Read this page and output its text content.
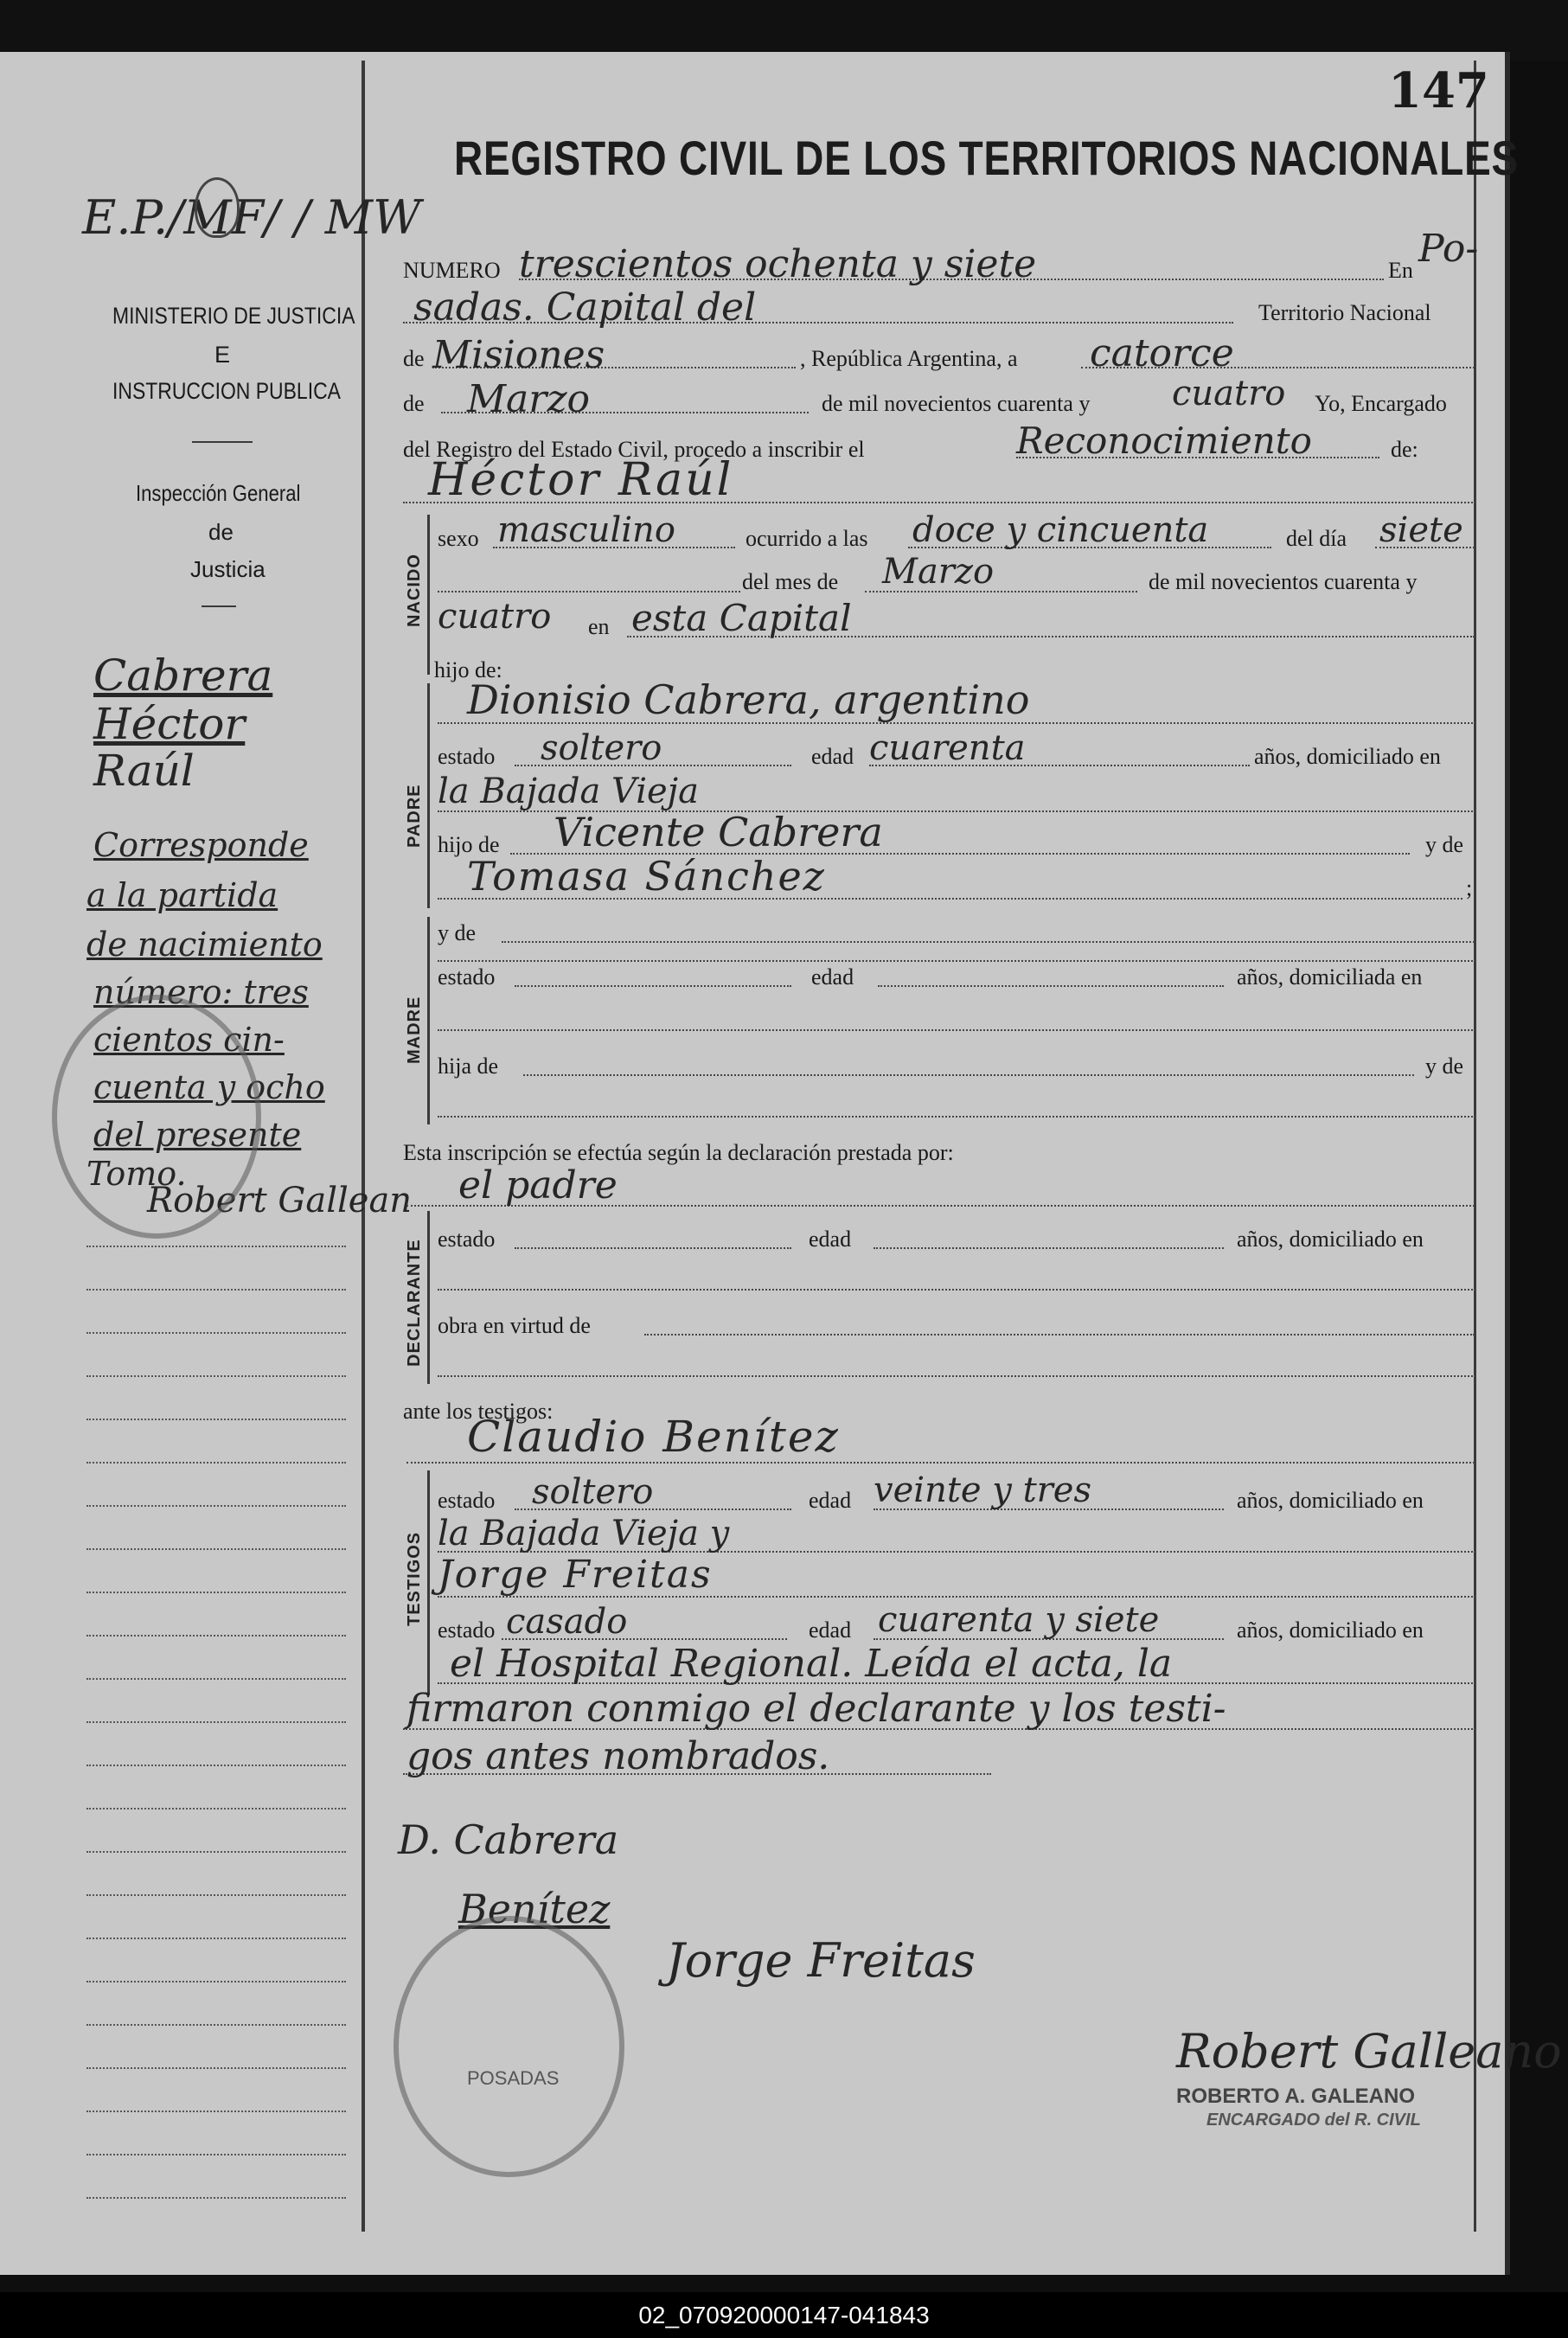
147
REGISTRO CIVIL DE LOS TERRITORIOS NACIONALES
E.P./MF/ / MW
MINISTERIO DE JUSTICIA
E
INSTRUCCION PUBLICA
Inspección General
de
Justicia
Cabrera
Héctor
Raúl
Corresponde
a la partida
de nacimiento
número: tres
cientos cin-
cuenta y ocho
del presente
Tomo.
Robert Gallean
NUMERO trescientos ochenta y siete	En Po-
sadas. Capital del	Territorio Nacional
de Misiones	, República Argentina, a catorce
de Marzo	de mil novecientos cuarenta y cuatro Yo, Encargado
del Registro del Estado Civil, procedo a inscribir el	Reconocimiento	de:
Héctor Raúl
NACIDO
sexo masculino	ocurrido a las doce y cincuenta	del día siete
del mes de Marzo	de mil novecientos cuarenta y
cuatro en esta Capital
hijo de:
PADRE
Dionisio Cabrera, argentino
estado soltero	edad cuarenta	años, domiciliado en
la Bajada Vieja
hijo de Vicente Cabrera	y de
Tomasa Sánchez	;
MADRE
y de
estado	edad	años, domiciliada en
hija de	y de
Esta inscripción se efectúa según la declaración prestada por:
el padre
DECLARANTE estado	edad	años, domiciliado en
obra en virtud de
ante los testigos:
Claudio Benítez
TESTIGOS
estado soltero	edad veinte y tres	años, domiciliado en
la Bajada Vieja y
Jorge Freitas
estado casado	edad cuarenta y siete	años, domiciliado en
el Hospital Regional. Leída el acta, la
firmaron conmigo el declarante y los testi-
gos antes nombrados.
D. Cabrera
Benítez
Jorge Freitas
Robert Galleano
ROBERTO A. GALEANO
ENCARGADO del R. CIVIL
POSADAS
02_070920000147-041843
